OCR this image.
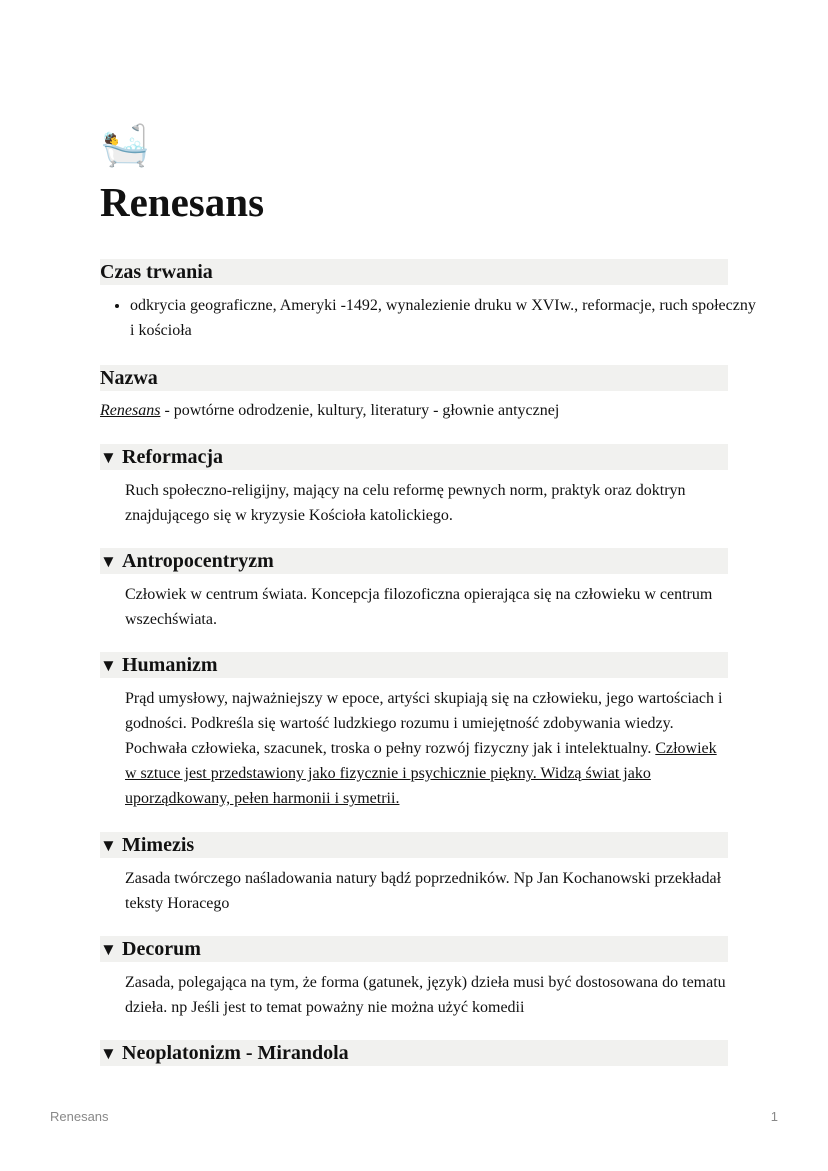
🛀
Renesans
Czas trwania
• odkrycia geograficzne, Ameryki -1492, wynalezienie druku w XVIw., reformacje, ruch społeczny i kościoła
Nazwa

Renesans - powtórne odrodzenie, kultury, literatury - głownie antycznej

▼ Reformacja

Ruch społeczno-religijny, mający na celu reformę pewnych norm, praktyk oraz doktryn znajdującego się w kryzysie Kościoła katolickiego.

▼ Antropocentryzm

Człowiek w centrum świata. Koncepcja filozoficzna opierająca się na człowieku w centrum wszechświata.

▼ Humanizm

Prąd umysłowy, najważniejszy w epoce, artyści skupiają się na człowieku, jego wartościach i godności. Podkreśla się wartość ludzkiego rozumu i umiejętność zdobywania wiedzy. Pochwała człowieka, szacunek, troska o pełny rozwój fizyczny jak i intelektualny. Człowiek w sztuce jest przedstawiony jako fizycznie i psychicznie piękny. Widzą świat jako uporządkowany, pełen harmonii i symetrii.

▼ Mimezis

Zasada twórczego naśladowania natury bądź poprzedników. Np Jan Kochanowski przekładał teksty Horacego

▼ Decorum

Zasada, polegająca na tym, że forma (gatunek, język) dzieła musi być dostosowana do tematu dzieła. np Jeśli jest to temat poważny nie można użyć komedii

▼ Neoplatonizm - Mirandola
Renesans	1
